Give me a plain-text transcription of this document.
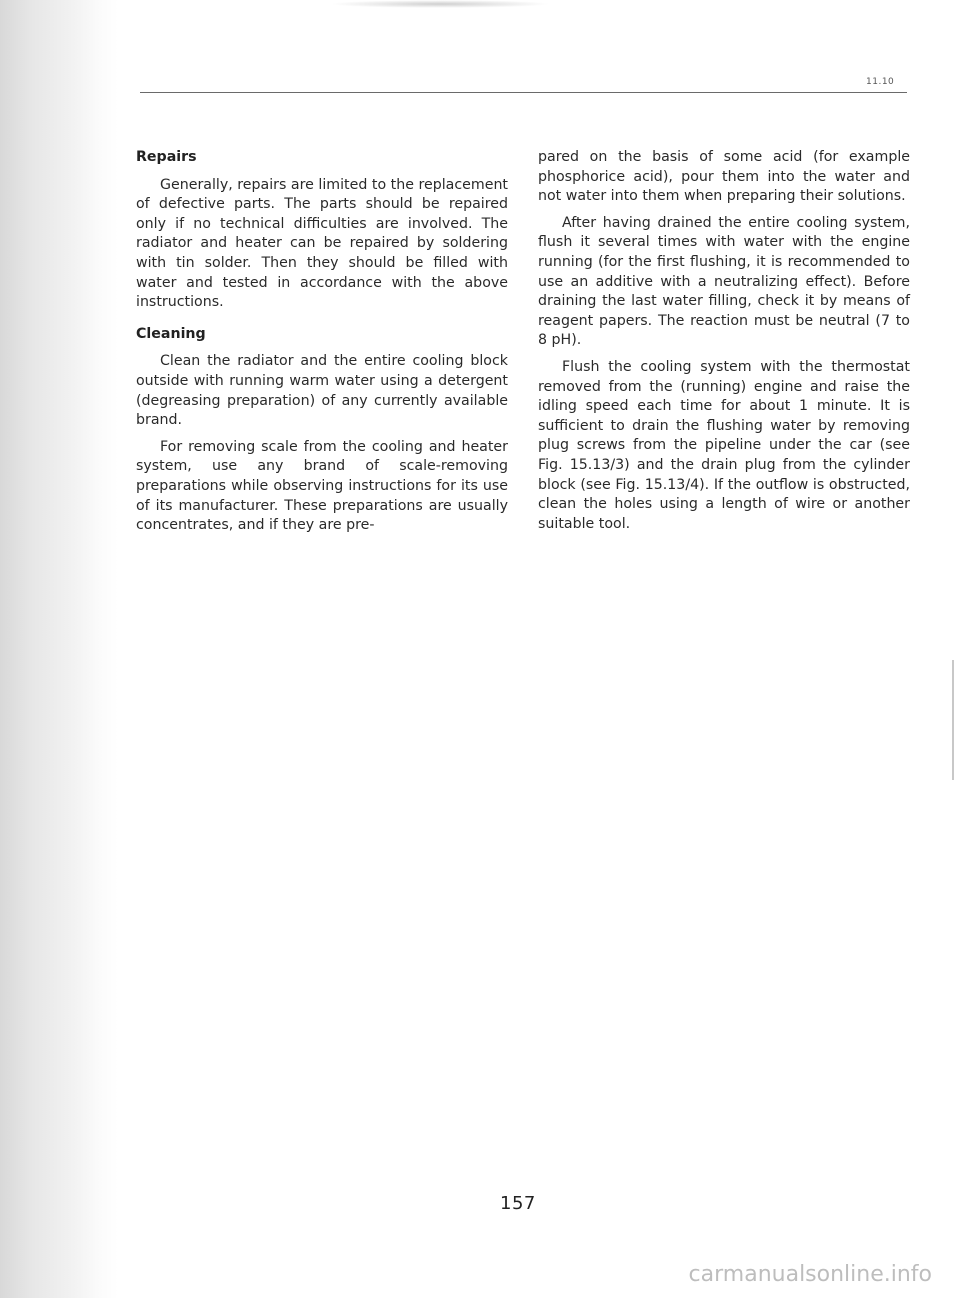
11.10
Repairs

Generally, repairs are limited to the replacement of defective parts. The parts should be repaired only if no technical difficulties are involved. The radiator and heater can be repaired by soldering with tin solder. Then they should be filled with water and tested in accordance with the above instructions.

Cleaning

Clean the radiator and the entire cooling block outside with running warm water using a detergent (degreasing preparation) of any currently available brand.

For removing scale from the cooling and heater system, use any brand of scale-removing preparations while observing instructions for its use of its manufacturer. These preparations are usually concentrates, and if they are pre-

pared on the basis of some acid (for example phosphorice acid), pour them into the water and not water into them when preparing their solutions.

After having drained the entire cooling system, flush it several times with water with the engine running (for the first flushing, it is recommended to use an additive with a neutralizing effect). Before draining the last water filling, check it by means of reagent papers. The reaction must be neutral (7 to 8 pH).

Flush the cooling system with the thermostat removed from the (running) engine and raise the idling speed each time for about 1 minute. It is sufficient to drain the flushing water by removing plug screws from the pipeline under the car (see Fig. 15.13/3) and the drain plug from the cylinder block (see Fig. 15.13/4). If the outflow is obstructed, clean the holes using a length of wire or another suitable tool.

157
carmanualsonline.info
